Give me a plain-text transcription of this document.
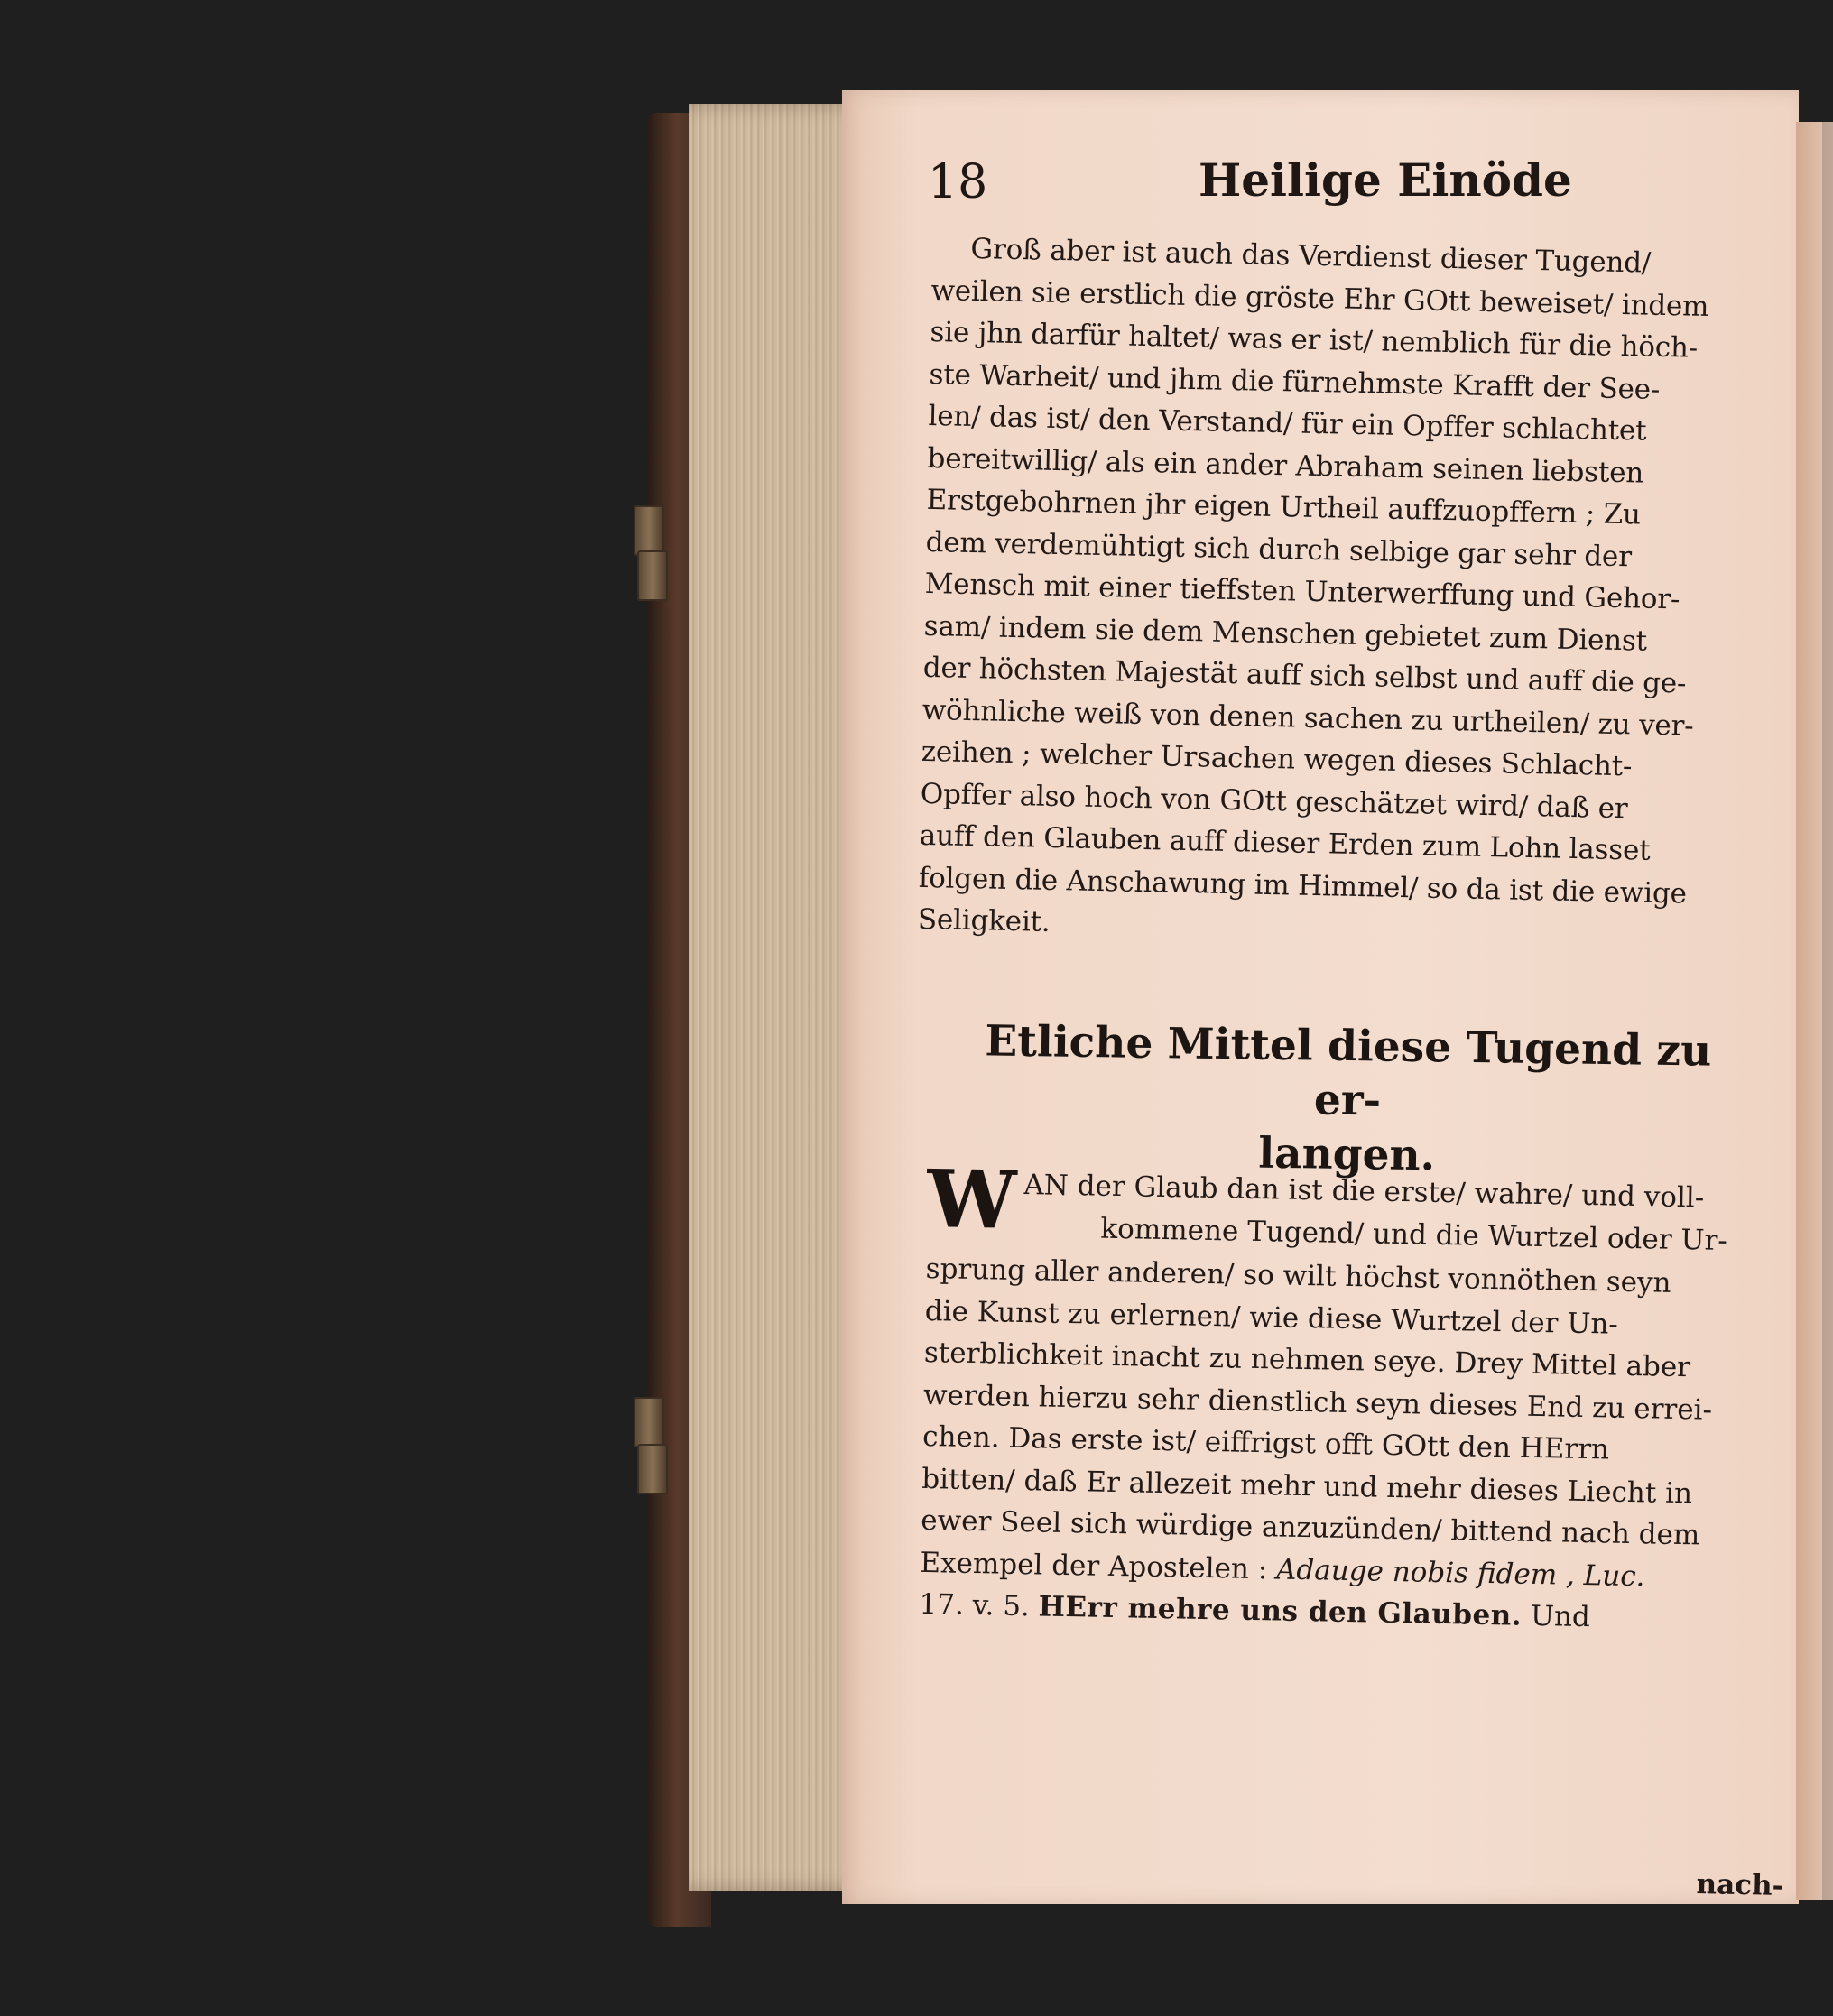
18	Heilige Einöde
Groß aber ist auch das Verdienst dieser Tugend/
weilen sie erstlich die gröste Ehr GOtt beweiset/ indem
sie jhn darfür haltet/ was er ist/ nemblich für die höch-
ste Warheit/ und jhm die fürnehmste Krafft der See-
len/ das ist/ den Verstand/ für ein Opffer schlachtet
bereitwillig/ als ein ander Abraham seinen liebsten
Erstgebohrnen jhr eigen Urtheil auffzuopffern ; Zu
dem verdemühtigt sich durch selbige gar sehr der
Mensch mit einer tieffsten Unterwerffung und Gehor-
sam/ indem sie dem Menschen gebietet zum Dienst
der höchsten Majestät auff sich selbst und auff die ge-
wöhnliche weiß von denen sachen zu urtheilen/ zu ver-
zeihen ; welcher Ursachen wegen dieses Schlacht-
Opffer also hoch von GOtt geschätzet wird/ daß er
auff den Glauben auff dieser Erden zum Lohn lasset
folgen die Anschawung im Himmel/ so da ist die ewige
Seligkeit.
Etliche Mittel diese Tugend zu er-
langen.
W AN der Glaub dan ist die erste/ wahre/ und voll-
kommene Tugend/ und die Wurtzel oder Ur-
sprung aller anderen/ so wilt höchst vonnöthen seyn
die Kunst zu erlernen/ wie diese Wurtzel der Un-
sterblichkeit inacht zu nehmen seye. Drey Mittel aber
werden hierzu sehr dienstlich seyn dieses End zu errei-
chen. Das erste ist/ eiffrigst offt GOtt den HErrn
bitten/ daß Er allezeit mehr und mehr dieses Liecht in
ewer Seel sich würdige anzuzünden/ bittend nach dem
Exempel der Apostelen : Adauge nobis fidem , Luc.
17. v. 5. HErr mehre uns den Glauben. Und
nach-
